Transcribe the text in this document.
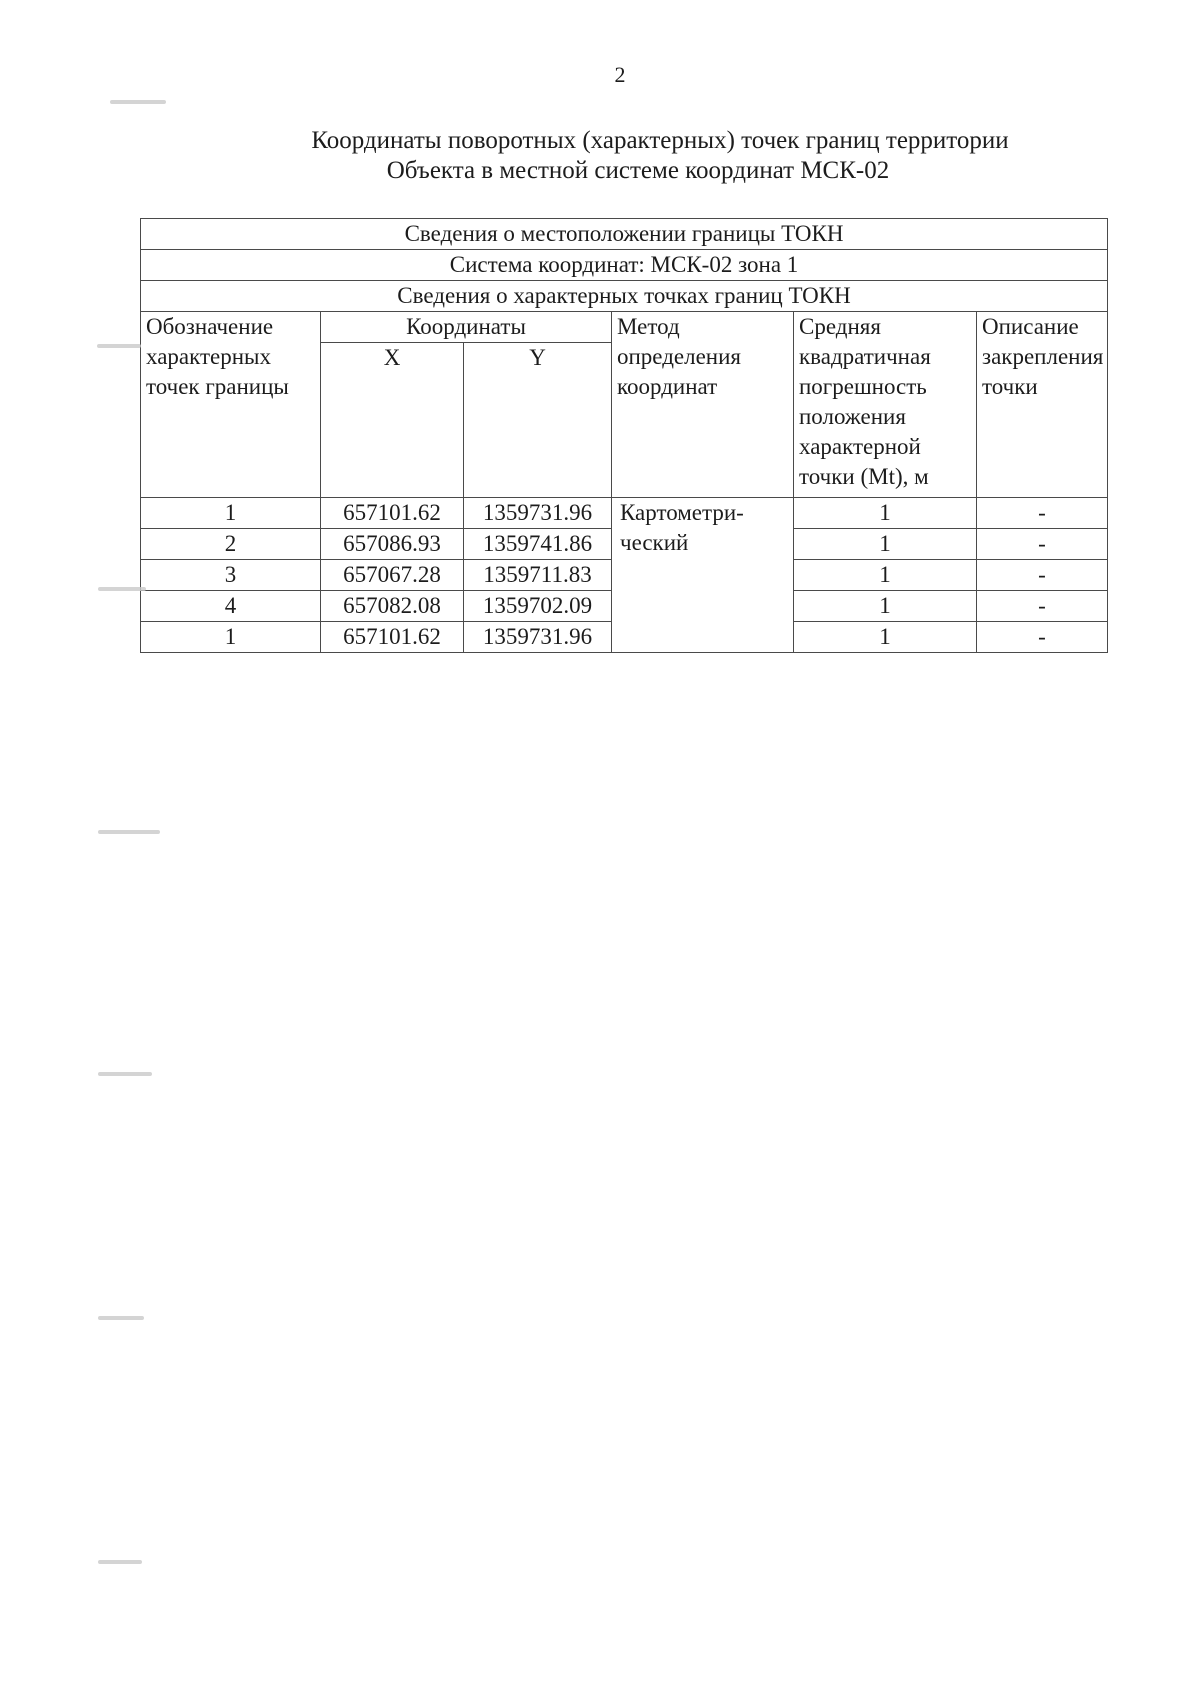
2
Координаты поворотных (характерных) точек границ территории
Объекта в местной системе координат МСК-02
Сведения о местоположении границы ТОКН					
Система координат: МСК-02 зона 1					
Сведения о характерных точках границ ТОКН					
Обозначение характерных точек границы	Координаты		Метод определения координат	Средняя квадратичная погрешность положения характерной точки (Mt), м	Описание закрепления точки
	X	Y			
1	657101.62	1359731.96	Картометри-ческий	1	-
2	657086.93	1359741.86		1	-
3	657067.28	1359711.83		1	-
4	657082.08	1359702.09		1	-
1	657101.62	1359731.96		1	-
